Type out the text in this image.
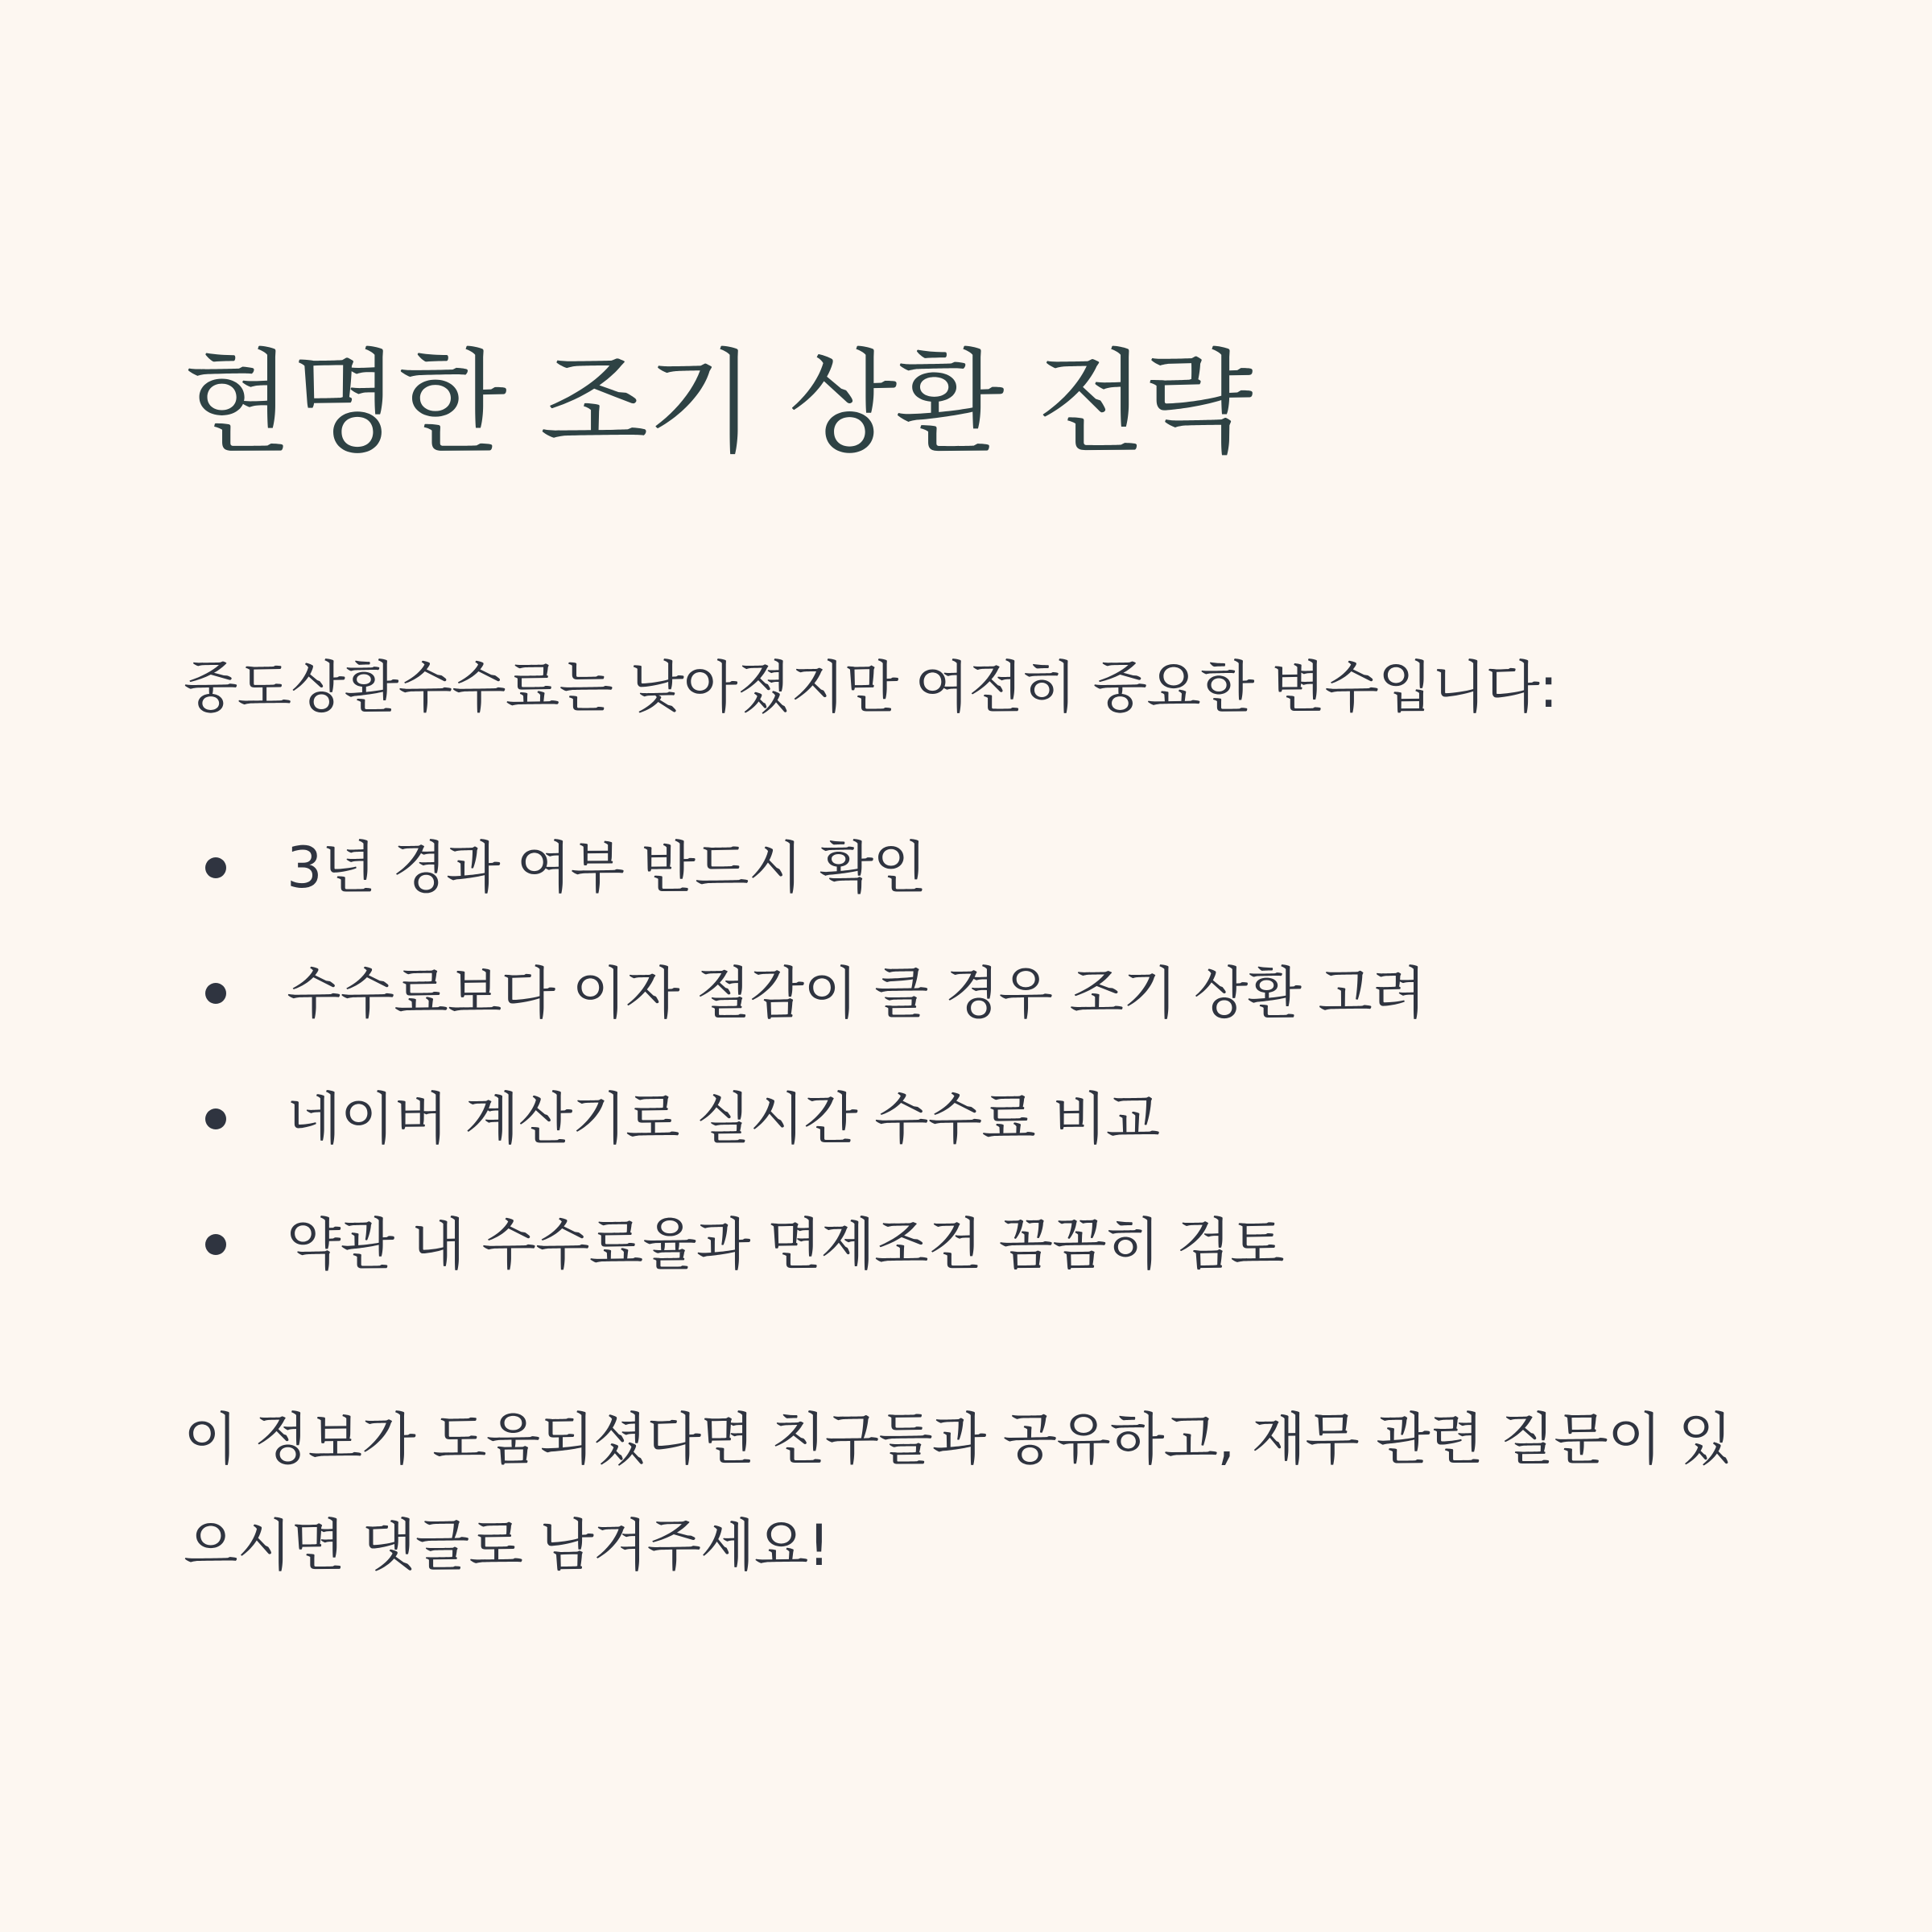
현명한 조기 상환 전략

중도상환수수료는 낮아졌지만 여전히 중요한 변수입니다:

3년 경과 여부 반드시 확인
수수료보다 이자 절감이 클 경우 조기 상환 고려
네이버 계산기로 실시간 수수료 비교
약관 내 수수료율과 면제조건 꼼꼼히 검토

이 정보가 도움되셨다면 친구들과 공유하고, 재무 관련 질문이 있으시면 댓글로 남겨주세요!
